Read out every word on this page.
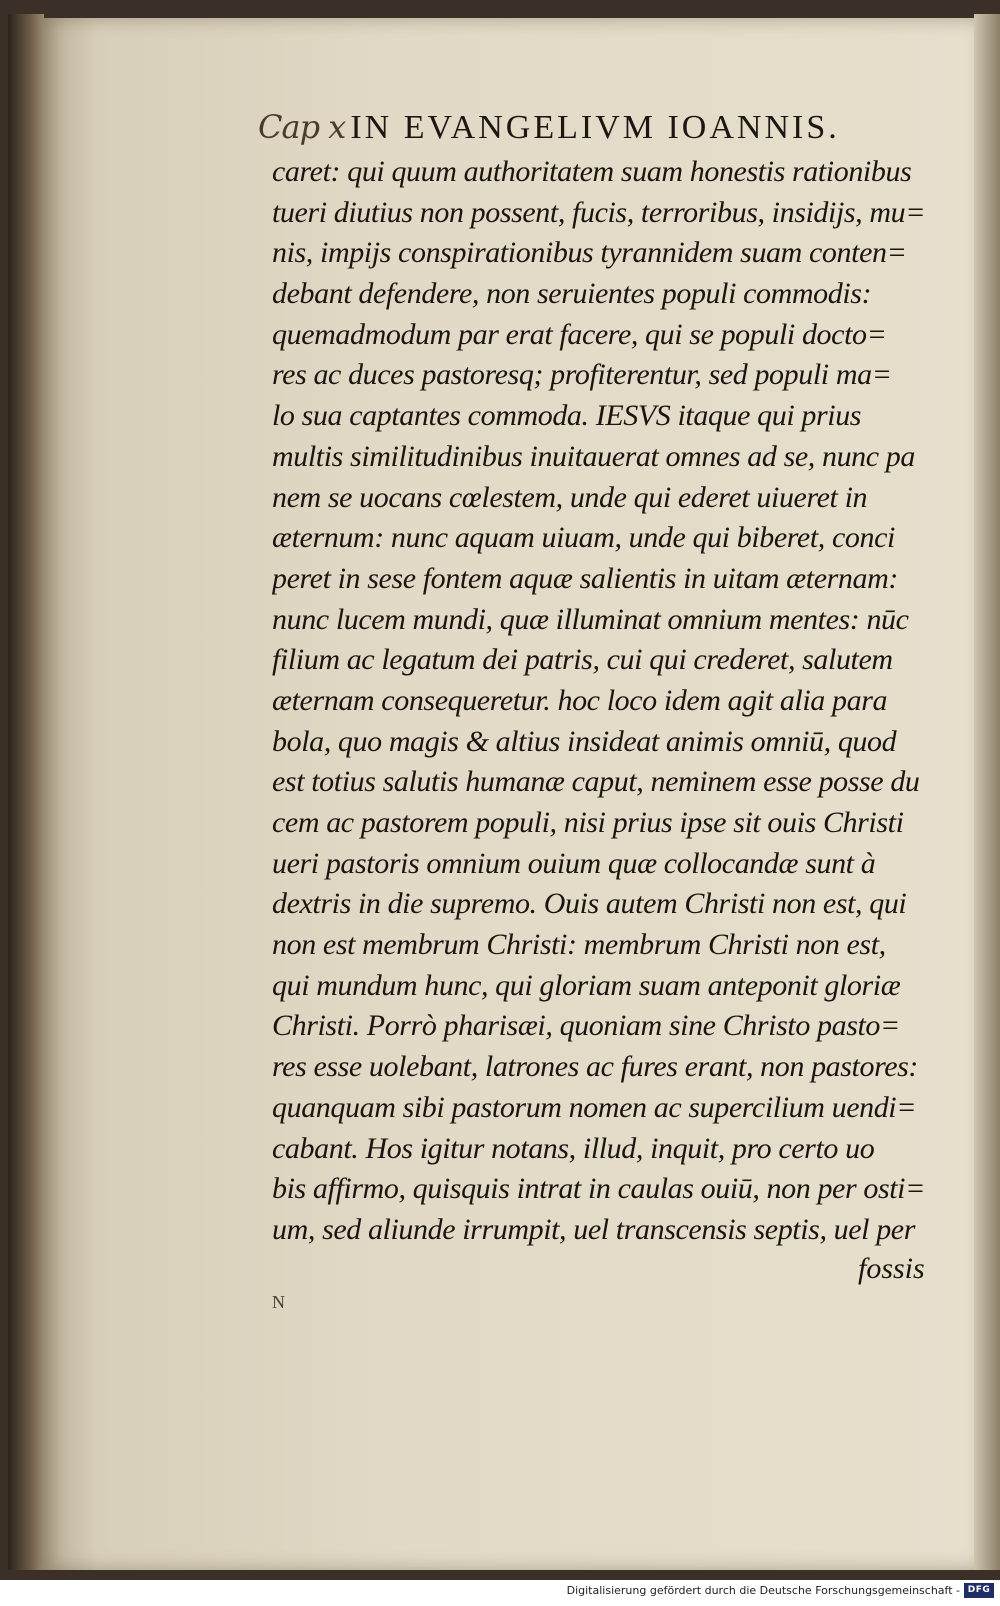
Cap x IN EVANGELIVM IOANNIS.
caret: qui quum authoritatem suam honestis rationibus
tueri diutius non possent, fucis, terroribus, insidijs, mu=
nis, impijs conspirationibus tyrannidem suam conten=
debant defendere, non seruientes populi commodis:
quemadmodum par erat facere, qui se populi docto=
res ac duces pastoresq; profiterentur, sed populi ma=
lo sua captantes commoda. IESVS itaque qui prius
multis similitudinibus inuitauerat omnes ad se, nunc pa
nem se uocans cœlestem, unde qui ederet uiueret in
æternum: nunc aquam uiuam, unde qui biberet, conci
peret in sese fontem aquæ salientis in uitam æternam:
nunc lucem mundi, quæ illuminat omnium mentes: nūc
filium ac legatum dei patris, cui qui crederet, salutem
æternam consequeretur. hoc loco idem agit alia para
bola, quo magis & altius insideat animis omniū, quod
est totius salutis humanæ caput, neminem esse posse du
cem ac pastorem populi, nisi prius ipse sit ouis Christi
ueri pastoris omnium ouium quæ collocandæ sunt à
dextris in die supremo. Ouis autem Christi non est, qui
non est membrum Christi: membrum Christi non est,
qui mundum hunc, qui gloriam suam anteponit gloriæ
Christi. Porrò pharisæi, quoniam sine Christo pasto=
res esse uolebant, latrones ac fures erant, non pastores:
quanquam sibi pastorum nomen ac supercilium uendi=
cabant. Hos igitur notans, illud, inquit, pro certo uo
bis affirmo, quisquis intrat in caulas ouiū, non per osti=
um, sed aliunde irrumpit, uel transcensis septis, uel per
fossis
N
Digitalisierung gefördert durch die Deutsche Forschungsgemeinschaft - DFG
